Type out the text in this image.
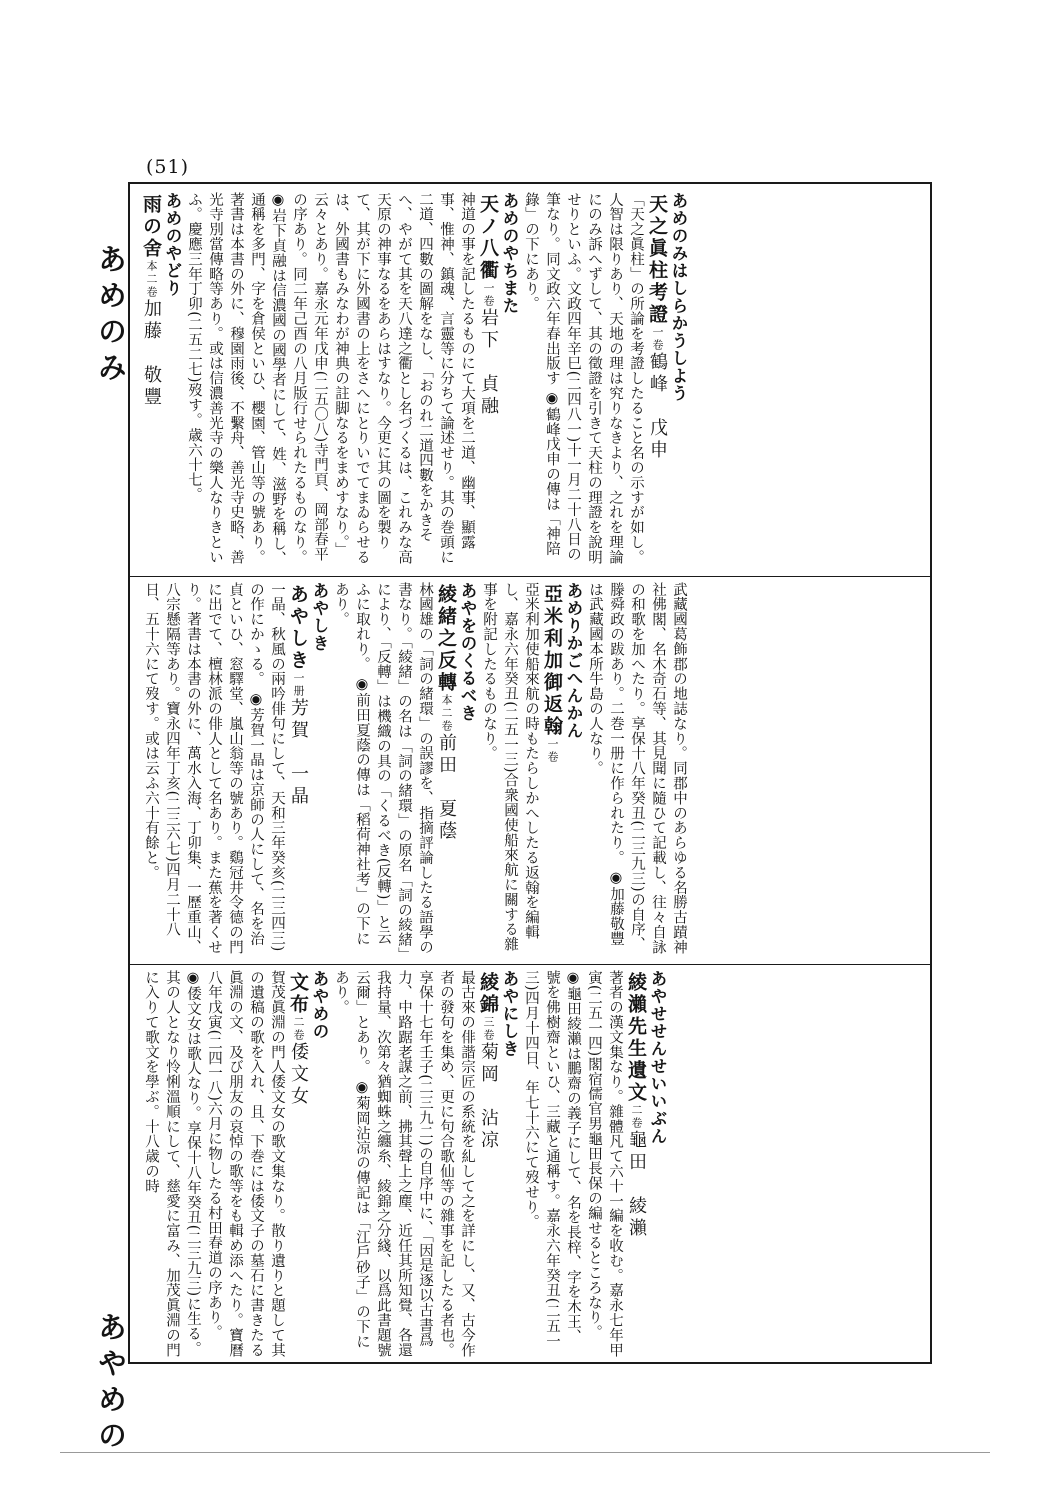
(51)
あめのみ
あやめの
あめのみはしらかうしよう
天之眞柱考證一卷鶴峰　戊申
「天之眞柱」の所論を考證したること名の示すが如し。人智は限りあり、天地の理は究りなきより、之れを理論にのみ訴へずして、其の徵證を引きて天柱の理證を說明せりといふ。文政四年辛巳(二四八一)十一月二十八日の筆なり。同文政六年春出版す ◉鶴峰戊申の傳は「神陪錄」の下にあり。
あめのやちまた
天ノ八衢一卷岩下　貞融
神道の事を記したるものにて大項を二道、幽事、顯露事、惟神、鎮魂、言靈等に分ちて論述せり。其の巻頭に二道、四數の圖解をなし、「おのれ二道四數をかきそへ、やがて其を天八達之衢とし名づくるは、これみな高天原の神事なるをあらはすなり。今更に其の圖を製りて、其が下に外國書の上をさへにとりいでてまゐらせるは、外國書もみなわが神典の註脚なるをまめすなり。」云々とあり。嘉永元年戊申(二五〇八)寺門頁、岡部春平の序あり。同二年己酉の八月版行せられたるものなり。 ◉岩下貞融は信濃國の國學者にして、姓、滋野を稱し、通稱を多門、字を倉侯といひ、櫻園、管山等の號あり。著書は本書の外に、穆園雨後、不繫舟、善光寺史略、善光寺別當傳略等あり。或は信濃善光寺の樂人なりきといふ。慶應三年丁卯(二五二七)歿す。歳六十七。
あめのやどり
雨の舍本二卷加藤　敬豐
武藏國葛飾郡の地誌なり。同郡中のあらゆる名勝古蹟神社佛閣、名木奇石等、其見聞に隨ひて記載し、往々自詠の和歌を加へたり。享保十八年癸丑(二三九三)の自序、滕舜政の跋あり。二巻一册に作られたり。 ◉加藤敬豐は武藏國本所牛島の人なり。
あめりかごへんかん
亞米利加御返翰一卷
亞米利加使船來航の時もたらしかへしたる返翰を編輯し、嘉永六年癸丑(二五一三)合衆國使船來航に關する雜事を附記したるものなり。
あやをのくるべき
綾緒之反轉本二卷前田　夏蔭
林國雄の「詞の緒環」の誤謬を、指摘評論したる語學の書なり。「綾緒」の名は「詞の緒環」の原名「詞の綾緒」により、「反轉」は機織の具の「くるべき(反轉)」と云ふに取れり。 ◉前田夏蔭の傳は「稻荷神社考」の下にあり。
あやしき
あやしき一册芳賀　一晶
一晶、秋風の兩吟俳句にして、天和三年癸亥(二三四三)の作にかゝる。 ◉芳賀一晶は京師の人にして、名を治貞といひ、窓驛堂、嵐山翁等の號あり。鷄冠井令德の門に出でて、檀林派の俳人として名あり。また蕉を著くせり。著書は本書の外に、萬水入海、丁卯集、一歷重山、八宗懸隔等あり。寶永四年丁亥(二三六七)四月二十八日、五十六にて歿す。或は云ふ六十有餘と。
あやせせんせいいぶん
綾瀨先生遺文二卷龜田　綾瀨
著者の漢文集なり。雜體凡て六十一編を收む。嘉永七年甲寅(二五一四)閣宿儒官男龜田長保の編せるところなり。 ◉龜田綾瀨は鵬齋の義子にして、名を長梓、字を木王、號を佛樹齋といひ、三藏と通稱す。嘉永六年癸丑(二五一三)四月十四日、年七十六にて歿せり。
あやにしき
綾錦三卷菊岡　沾凉
最古來の俳諧宗匠の系統を糺して之を詳にし、又、古今作者の發句を集め、更に句合歌仙等の雜事を記したる者也。享保十七年壬子(二三九二)の自序中に、「因是逐以古書爲力、中路踞老謀之前、拂其聲上之塵、近任其所知覺、各還我持量、次第々猶蜘蛛之纏糸、綾錦之分綫、以爲此書題號云爾」とあり。 ◉菊岡沾凉の傳記は「江戶砂子」の下にあり。
あやめの
文布二卷倭文女
賀茂眞淵の門人倭文女の歌文集なり。散り遺りと題して其の遺稿の歌を入れ、且、下巻には倭文子の墓石に書きたる眞淵の文、及び朋友の哀悼の歌等をも輯め添へたり。寶曆八年戊寅(二四一八)六月に物したる村田春道の序あり。 ◉倭文女は歌人なり。享保十八年癸丑(二三九三)に生る。其の人となり怜悧溫順にして、慈愛に富み、加茂眞淵の門に入りて歌文を學ぶ。十八歳の時
